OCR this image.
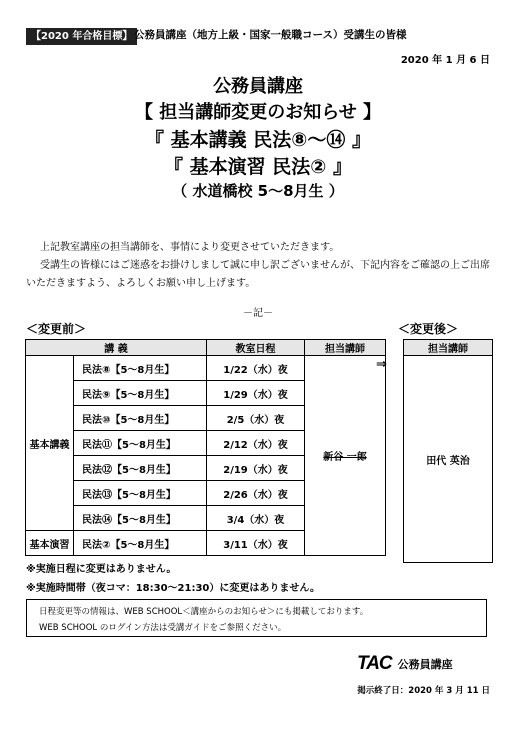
【2020 年合格目標】 公務員講座（地方上級・国家一般職コース）受講生の皆様
2020 年 1 月 6 日
公務員講座
【 担当講師変更のお知らせ 】
『 基本講義 民法⑧～⑭ 』
『 基本演習 民法② 』
（ 水道橋校 5～8月生 ）
上記教室講座の担当講師を、事情により変更させていただきます。
受講生の皆様にはご迷惑をお掛けしまして誠に申し訳ございませんが、下記内容をご確認の上ご出席いただきますよう、よろしくお願い申し上げます。
－記－
＜変更前＞	＜変更後＞
講 義		教室日程	担当講師
基本講義	民法⑧【5～8月生】	1/22（水）夜	新谷 一郎
	民法⑨【5～8月生】	1/29（水）夜	
	民法⑩【5～8月生】	2/5（水）夜	
	民法⑪【5～8月生】	2/12（水）夜	
	民法⑫【5～8月生】	2/19（水）夜	
	民法⑬【5～8月生】	2/26（水）夜	
	民法⑭【5～8月生】	3/4（水）夜	
基本演習	民法②【5～8月生】	3/11（水）夜	
⇒
担当講師
田代 英治
※実施日程に変更はありません。
※実施時間帯（夜コマ：18:30～21:30）に変更はありません。
日程変更等の情報は、WEB SCHOOL＜講座からのお知らせ＞にも掲載しております。
WEB SCHOOL のログイン方法は受講ガイドをご参照ください。
TAC 公務員講座
掲示終了日：2020 年 3 月 11 日
